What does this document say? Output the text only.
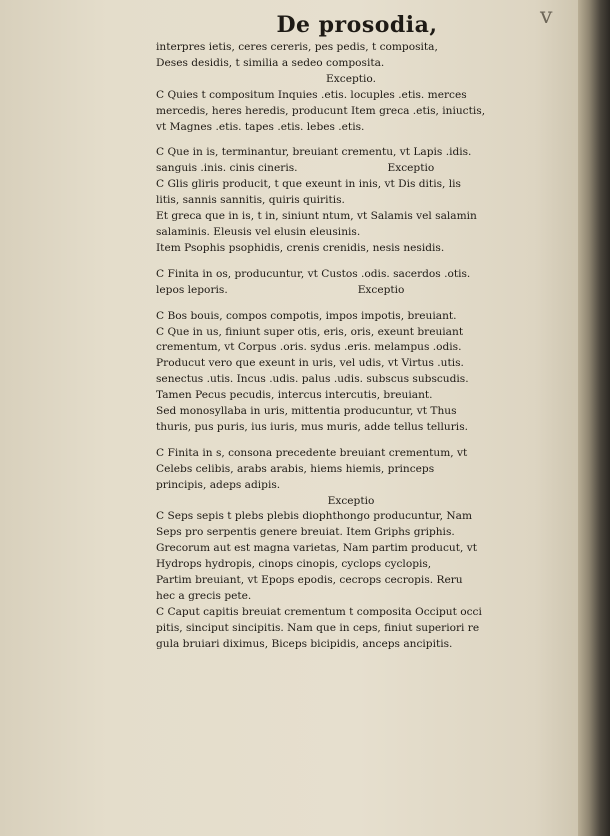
v
De prosodia,
interpres ietis, ceres cereris, pes pedis, t composita,
Deses desidis, t similia a sedeo composita.
Exceptio.
C Quies t compositum Inquies .etis. locuples .etis. merces
mercedis, heres heredis, producunt Item greca .etis, iniuctis,
vt Magnes .etis. tapes .etis. lebes .etis.
C Que in is, terminantur, breuiant crementu, vt Lapis .idis.
sanguis .inis. cinis cineris.	Exceptio
C Glis gliris producit, t que exeunt in inis, vt Dis ditis, lis
litis, sannis sannitis, quiris quiritis.
Et greca que in is, t in, siniunt ntum, vt Salamis vel salamin
salaminis. Eleusis vel elusin eleusinis.
Item Psophis psophidis, crenis crenidis, nesis nesidis.
C Finita in os, producuntur, vt Custos .odis. sacerdos .otis.
lepos leporis.	Exceptio
C Bos bouis, compos compotis, impos impotis, breuiant.
C Que in us, finiunt super otis, eris, oris, exeunt breuiant
crementum, vt Corpus .oris. sydus .eris. melampus .odis.
Producut vero que exeunt in uris, vel udis, vt Virtus .utis.
senectus .utis. Incus .udis. palus .udis. subscus subscudis.
Tamen Pecus pecudis, intercus intercutis, breuiant.
Sed monosyllaba in uris, mittentia producuntur, vt Thus
thuris, pus puris, ius iuris, mus muris, adde tellus telluris.
C Finita in s, consona precedente breuiant crementum, vt
Celebs celibis, arabs arabis, hiems hiemis, princeps
principis, adeps adipis.
Exceptio
C Seps sepis t plebs plebis diophthongo producuntur, Nam
Seps pro serpentis genere breuiat. Item Griphs griphis.
Grecorum aut est magna varietas, Nam partim producut, vt
Hydrops hydropis, cinops cinopis, cyclops cyclopis,
Partim breuiant, vt Epops epodis, cecrops cecropis. Reru
hec a grecis pete.
C Caput capitis breuiat crementum t composita Occiput occi
pitis, sinciput sincipitis. Nam que in ceps, finiut superiori re
gula bruiari diximus, Biceps bicipidis, anceps ancipitis.
